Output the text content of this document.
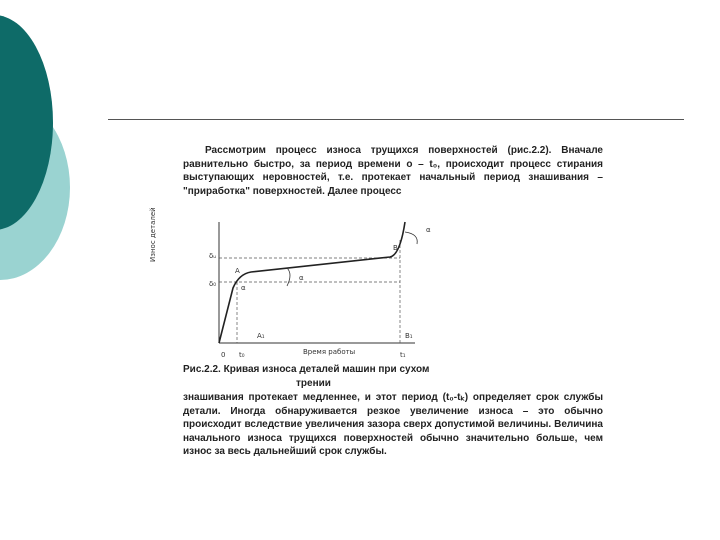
Рассмотрим процесс износа трущихся поверхностей (рис.2.2). Вначале равнительно быстро, за период времени о – t₀, происходит процесс стирания выступающих неровностей, т.е. протекает начальный период знашивания – "приработка" поверхностей. Далее процесс

Износ деталей
Время работы
δᵤ
δ₀
0 t₀	t₁
A
A₁
B
B₁
α
α
α
Рис.2.2. Кривая износа деталей машин при сухом
трении

знашивания протекает медленнее, и этот период (t₀-tₖ) определяет срок службы детали. Иногда обнаруживается резкое увеличение износа – это обычно происходит вследствие увеличения зазора сверх допустимой величины. Величина начального износа трущихся поверхностей обычно значительно больше, чем износ за весь дальнейший срок службы.
